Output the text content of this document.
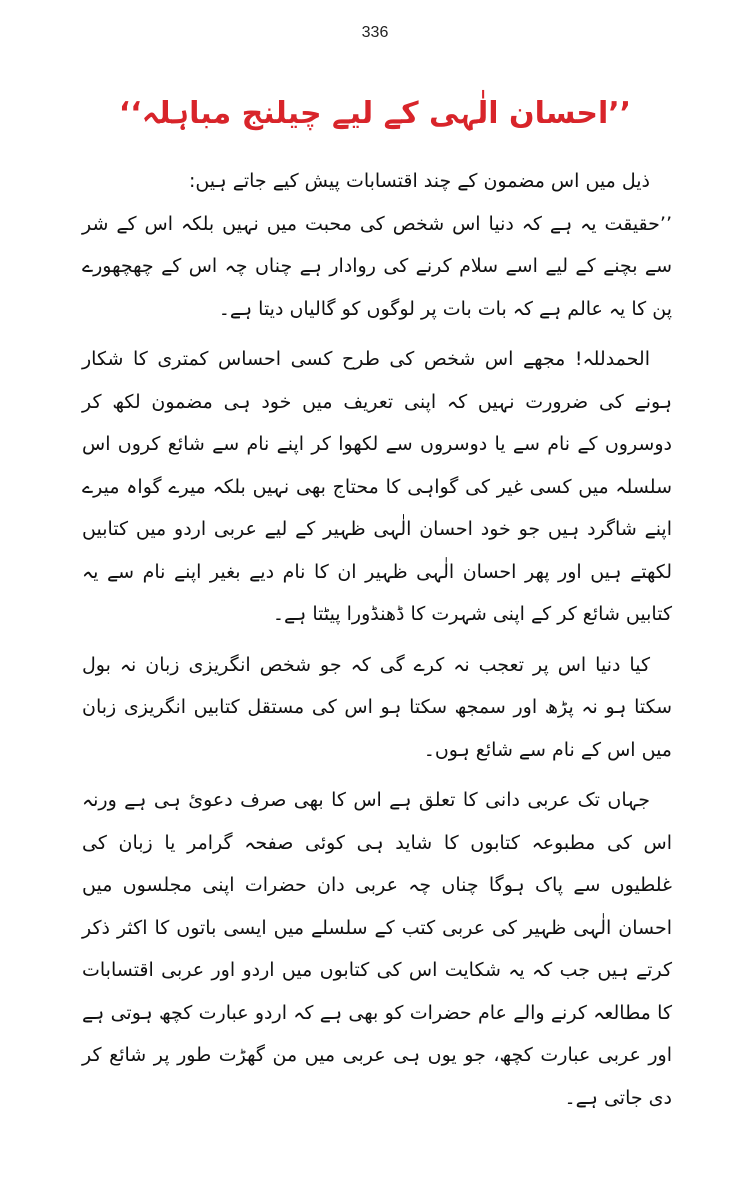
336
’’احسان الٰہی کے لیے چیلنج مباہلہ‘‘

ذیل میں اس مضمون کے چند اقتسابات پیش کیے جاتے ہیں:

’’حقیقت یہ ہے کہ دنیا اس شخص کی محبت میں نہیں بلکہ اس کے شر سے بچنے کے لیے اسے سلام کرنے کی روادار ہے چناں چہ اس کے چھچھورے پن کا یہ عالم ہے کہ بات بات پر لوگوں کو گالیاں دیتا ہے۔

الحمدللہ! مجھے اس شخص کی طرح کسی احساس کمتری کا شکار ہونے کی ضرورت نہیں کہ اپنی تعریف میں خود ہی مضمون لکھ کر دوسروں کے نام سے یا دوسروں سے لکھوا کر اپنے نام سے شائع کروں اس سلسلہ میں کسی غیر کی گواہی کا محتاج بھی نہیں بلکہ میرے گواہ میرے اپنے شاگرد ہیں جو خود احسان الٰہی ظہیر کے لیے عربی اردو میں کتابیں لکھتے ہیں اور پھر احسان الٰہی ظہیر ان کا نام دیے بغیر اپنے نام سے یہ کتابیں شائع کر کے اپنی شہرت کا ڈھنڈورا پیٹتا ہے۔

کیا دنیا اس پر تعجب نہ کرے گی کہ جو شخص انگریزی زبان نہ بول سکتا ہو نہ پڑھ اور سمجھ سکتا ہو اس کی مستقل کتابیں انگریزی زبان میں اس کے نام سے شائع ہوں۔

جہاں تک عربی دانی کا تعلق ہے اس کا بھی صرف دعوئ ہی ہے ورنہ اس کی مطبوعہ کتابوں کا شاید ہی کوئی صفحہ گرامر یا زبان کی غلطیوں سے پاک ہوگا چناں چہ عربی دان حضرات اپنی مجلسوں میں احسان الٰہی ظہیر کی عربی کتب کے سلسلے میں ایسی باتوں کا اکثر ذکر کرتے ہیں جب کہ یہ شکایت اس کی کتابوں میں اردو اور عربی اقتسابات کا مطالعہ کرنے والے عام حضرات کو بھی ہے کہ اردو عبارت کچھ ہوتی ہے اور عربی عبارت کچھ، جو یوں ہی عربی میں من گھڑت طور پر شائع کر دی جاتی ہے۔
